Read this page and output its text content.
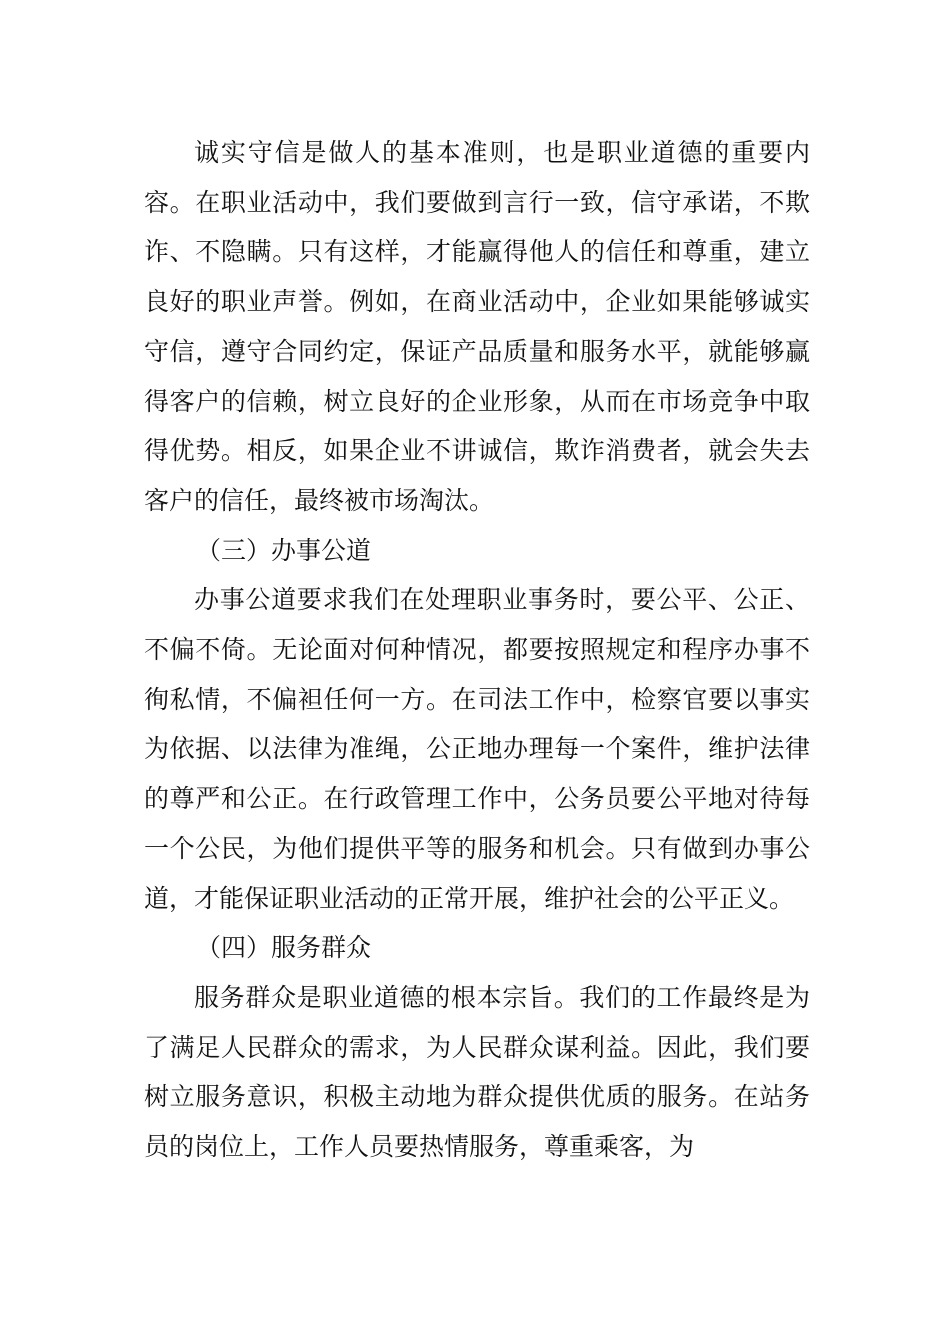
诚实守信是做人的基本准则，也是职业道德的重要内容。在职业活动中，我们要做到言行一致，信守承诺，不欺诈、不隐瞒。只有这样，才能赢得他人的信任和尊重，建立良好的职业声誉。例如，在商业活动中，企业如果能够诚实守信，遵守合同约定，保证产品质量和服务水平，就能够赢得客户的信赖，树立良好的企业形象，从而在市场竞争中取得优势。相反，如果企业不讲诚信，欺诈消费者，就会失去客户的信任，最终被市场淘汰。

（三）办事公道

办事公道要求我们在处理职业事务时，要公平、公正、不偏不倚。无论面对何种情况，都要按照规定和程序办事不徇私情，不偏袒任何一方。在司法工作中，检察官要以事实为依据、以法律为准绳，公正地办理每一个案件，维护法律的尊严和公正。在行政管理工作中，公务员要公平地对待每一个公民，为他们提供平等的服务和机会。只有做到办事公道，才能保证职业活动的正常开展，维护社会的公平正义。

（四）服务群众

服务群众是职业道德的根本宗旨。我们的工作最终是为了满足人民群众的需求，为人民群众谋利益。因此，我们要树立服务意识，积极主动地为群众提供优质的服务。在站务员的岗位上，工作人员要热情服务，尊重乘客，为
